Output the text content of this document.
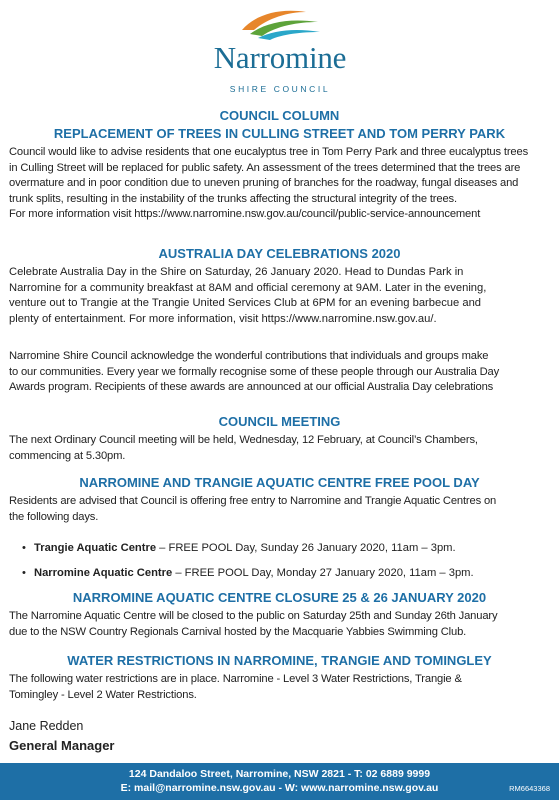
Narromine
SHIRE COUNCIL
COUNCIL COLUMN
REPLACEMENT OF TREES IN CULLING STREET AND TOM PERRY PARK
Council would like to advise residents that one eucalyptus tree in Tom Perry Park and three eucalyptus trees
in Culling Street will be replaced for public safety. An assessment of the trees determined that the trees are
overmature and in poor condition due to uneven pruning of branches for the roadway, fungal diseases and
trunk splits, resulting in the instability of the trunks affecting the structural integrity of the trees.
For more information visit https://www.narromine.nsw.gov.au/council/public-service-announcement
AUSTRALIA DAY CELEBRATIONS 2020
Celebrate Australia Day in the Shire on Saturday, 26 January 2020. Head to Dundas Park in
Narromine for a community breakfast at 8AM and official ceremony at 9AM. Later in the evening,
venture out to Trangie at the Trangie United Services Club at 6PM for an evening barbecue and
plenty of entertainment. For more information, visit https://www.narromine.nsw.gov.au/.
Narromine Shire Council acknowledge the wonderful contributions that individuals and groups make
to our communities. Every year we formally recognise some of these people through our Australia Day
Awards program. Recipients of these awards are announced at our official Australia Day celebrations
COUNCIL MEETING
The next Ordinary Council meeting will be held, Wednesday, 12 February, at Council’s Chambers,
commencing at 5.30pm.
NARROMINE AND TRANGIE AQUATIC CENTRE FREE POOL DAY
Residents are advised that Council is offering free entry to Narromine and Trangie Aquatic Centres on
the following days.
• Trangie Aquatic Centre – FREE POOL Day, Sunday 26 January 2020, 11am – 3pm.
• Narromine Aquatic Centre – FREE POOL Day, Monday 27 January 2020, 11am – 3pm.
NARROMINE AQUATIC CENTRE CLOSURE 25 & 26 JANUARY 2020
The Narromine Aquatic Centre will be closed to the public on Saturday 25th and Sunday 26th January
due to the NSW Country Regionals Carnival hosted by the Macquarie Yabbies Swimming Club.
WATER RESTRICTIONS IN NARROMINE, TRANGIE AND TOMINGLEY
The following water restrictions are in place. Narromine - Level 3 Water Restrictions, Trangie &
Tomingley - Level 2 Water Restrictions.
Jane Redden
General Manager
124 Dandaloo Street, Narromine, NSW 2821 - T: 02 6889 9999
E: mail@narromine.nsw.gov.au - W: www.narromine.nsw.gov.au	RM6643368
